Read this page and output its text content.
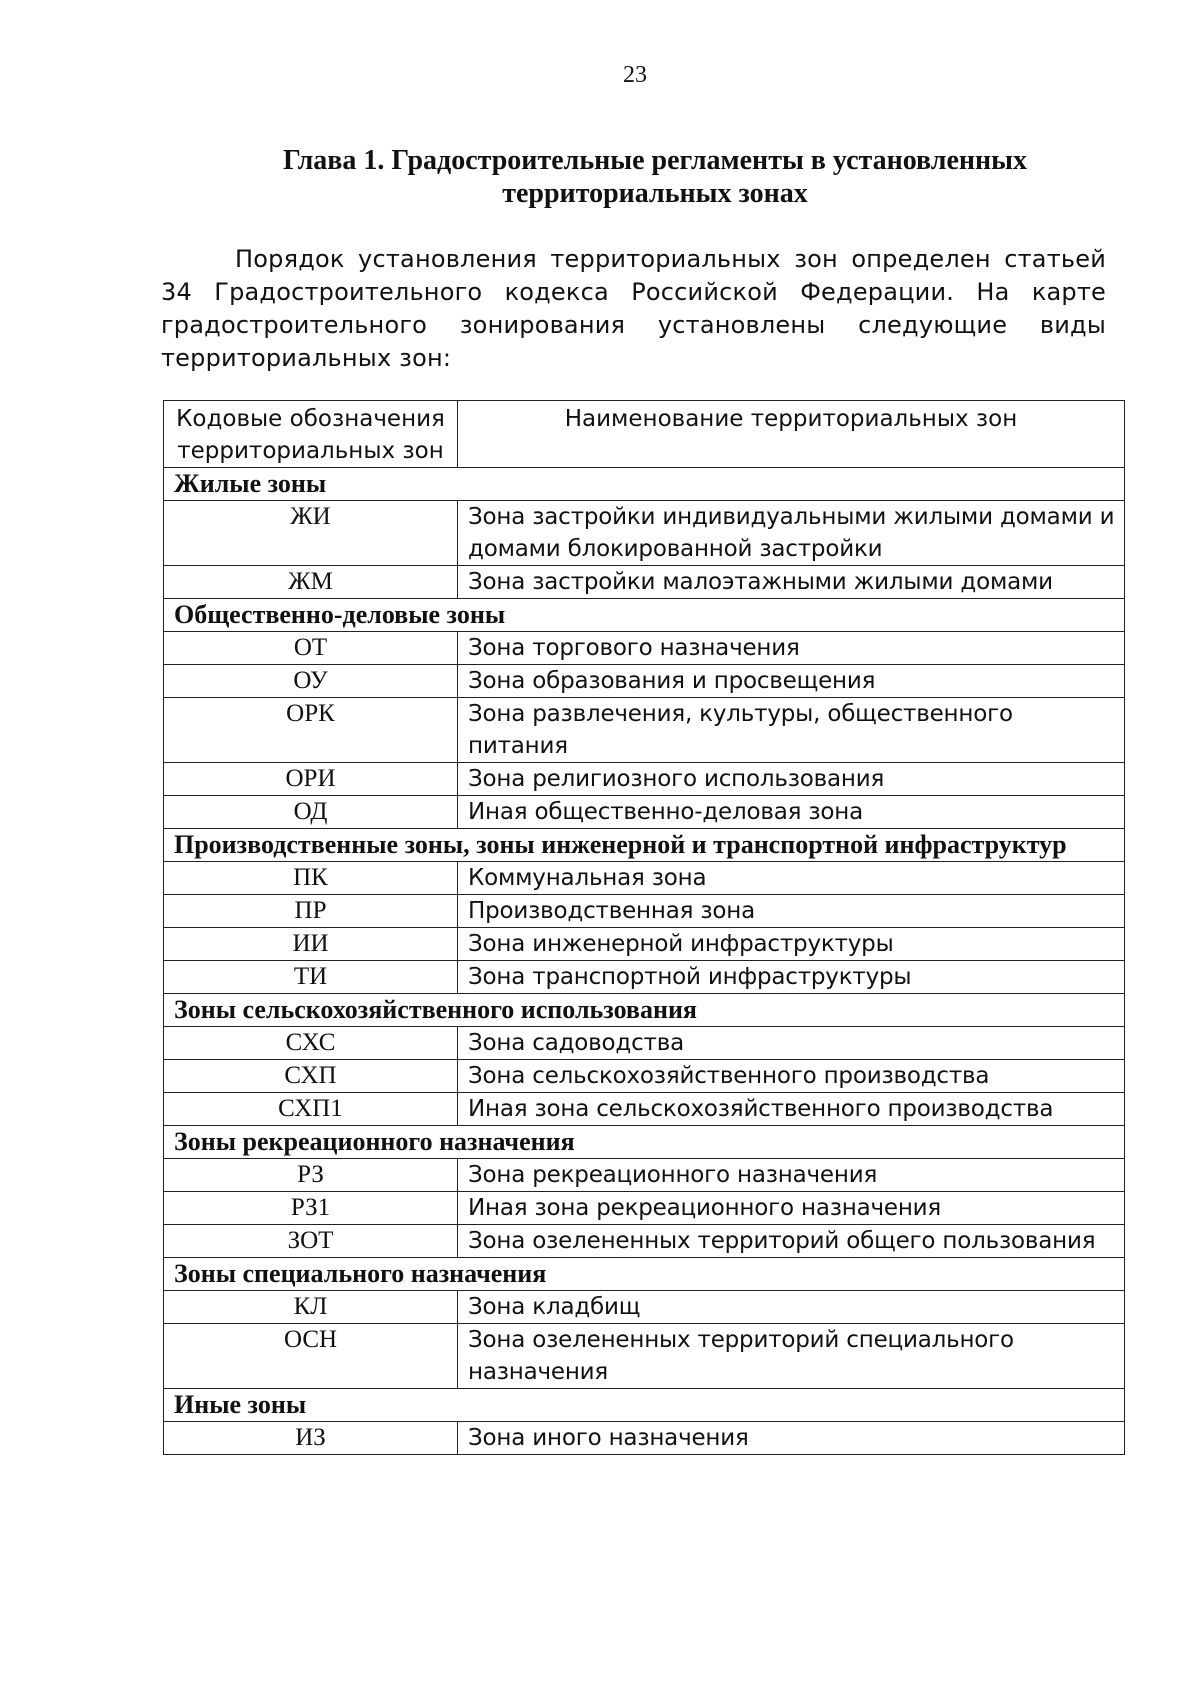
23
Глава 1. Градостроительные регламенты в установленных
территориальных зонах

Порядок установления территориальных зон определен статьей 34 Градостроительного кодекса Российской Федерации. На карте градостроительного зонирования установлены следующие виды территориальных зон:

Кодовые обозначения территориальных зон	Наименование территориальных зон
Жилые зоны	
ЖИ	Зона застройки индивидуальными жилыми домами и домами блокированной застройки
ЖМ	Зона застройки малоэтажными жилыми домами
Общественно-деловые зоны	
ОТ	Зона торгового назначения
ОУ	Зона образования и просвещения
ОРК	Зона развлечения, культуры, общественного питания
ОРИ	Зона религиозного использования
ОД	Иная общественно-деловая зона
Производственные зоны, зоны инженерной и транспортной инфраструктур	
ПК	Коммунальная зона
ПР	Производственная зона
ИИ	Зона инженерной инфраструктуры
ТИ	Зона транспортной инфраструктуры
Зоны сельскохозяйственного использования	
СХС	Зона садоводства
СХП	Зона сельскохозяйственного производства
СХП1	Иная зона сельскохозяйственного производства
Зоны рекреационного назначения	
РЗ	Зона рекреационного назначения
РЗ1	Иная зона рекреационного назначения
ЗОТ	Зона озелененных территорий общего пользования
Зоны специального назначения	
КЛ	Зона кладбищ
ОСН	Зона озелененных территорий специального назначения
Иные зоны	
ИЗ	Зона иного назначения
